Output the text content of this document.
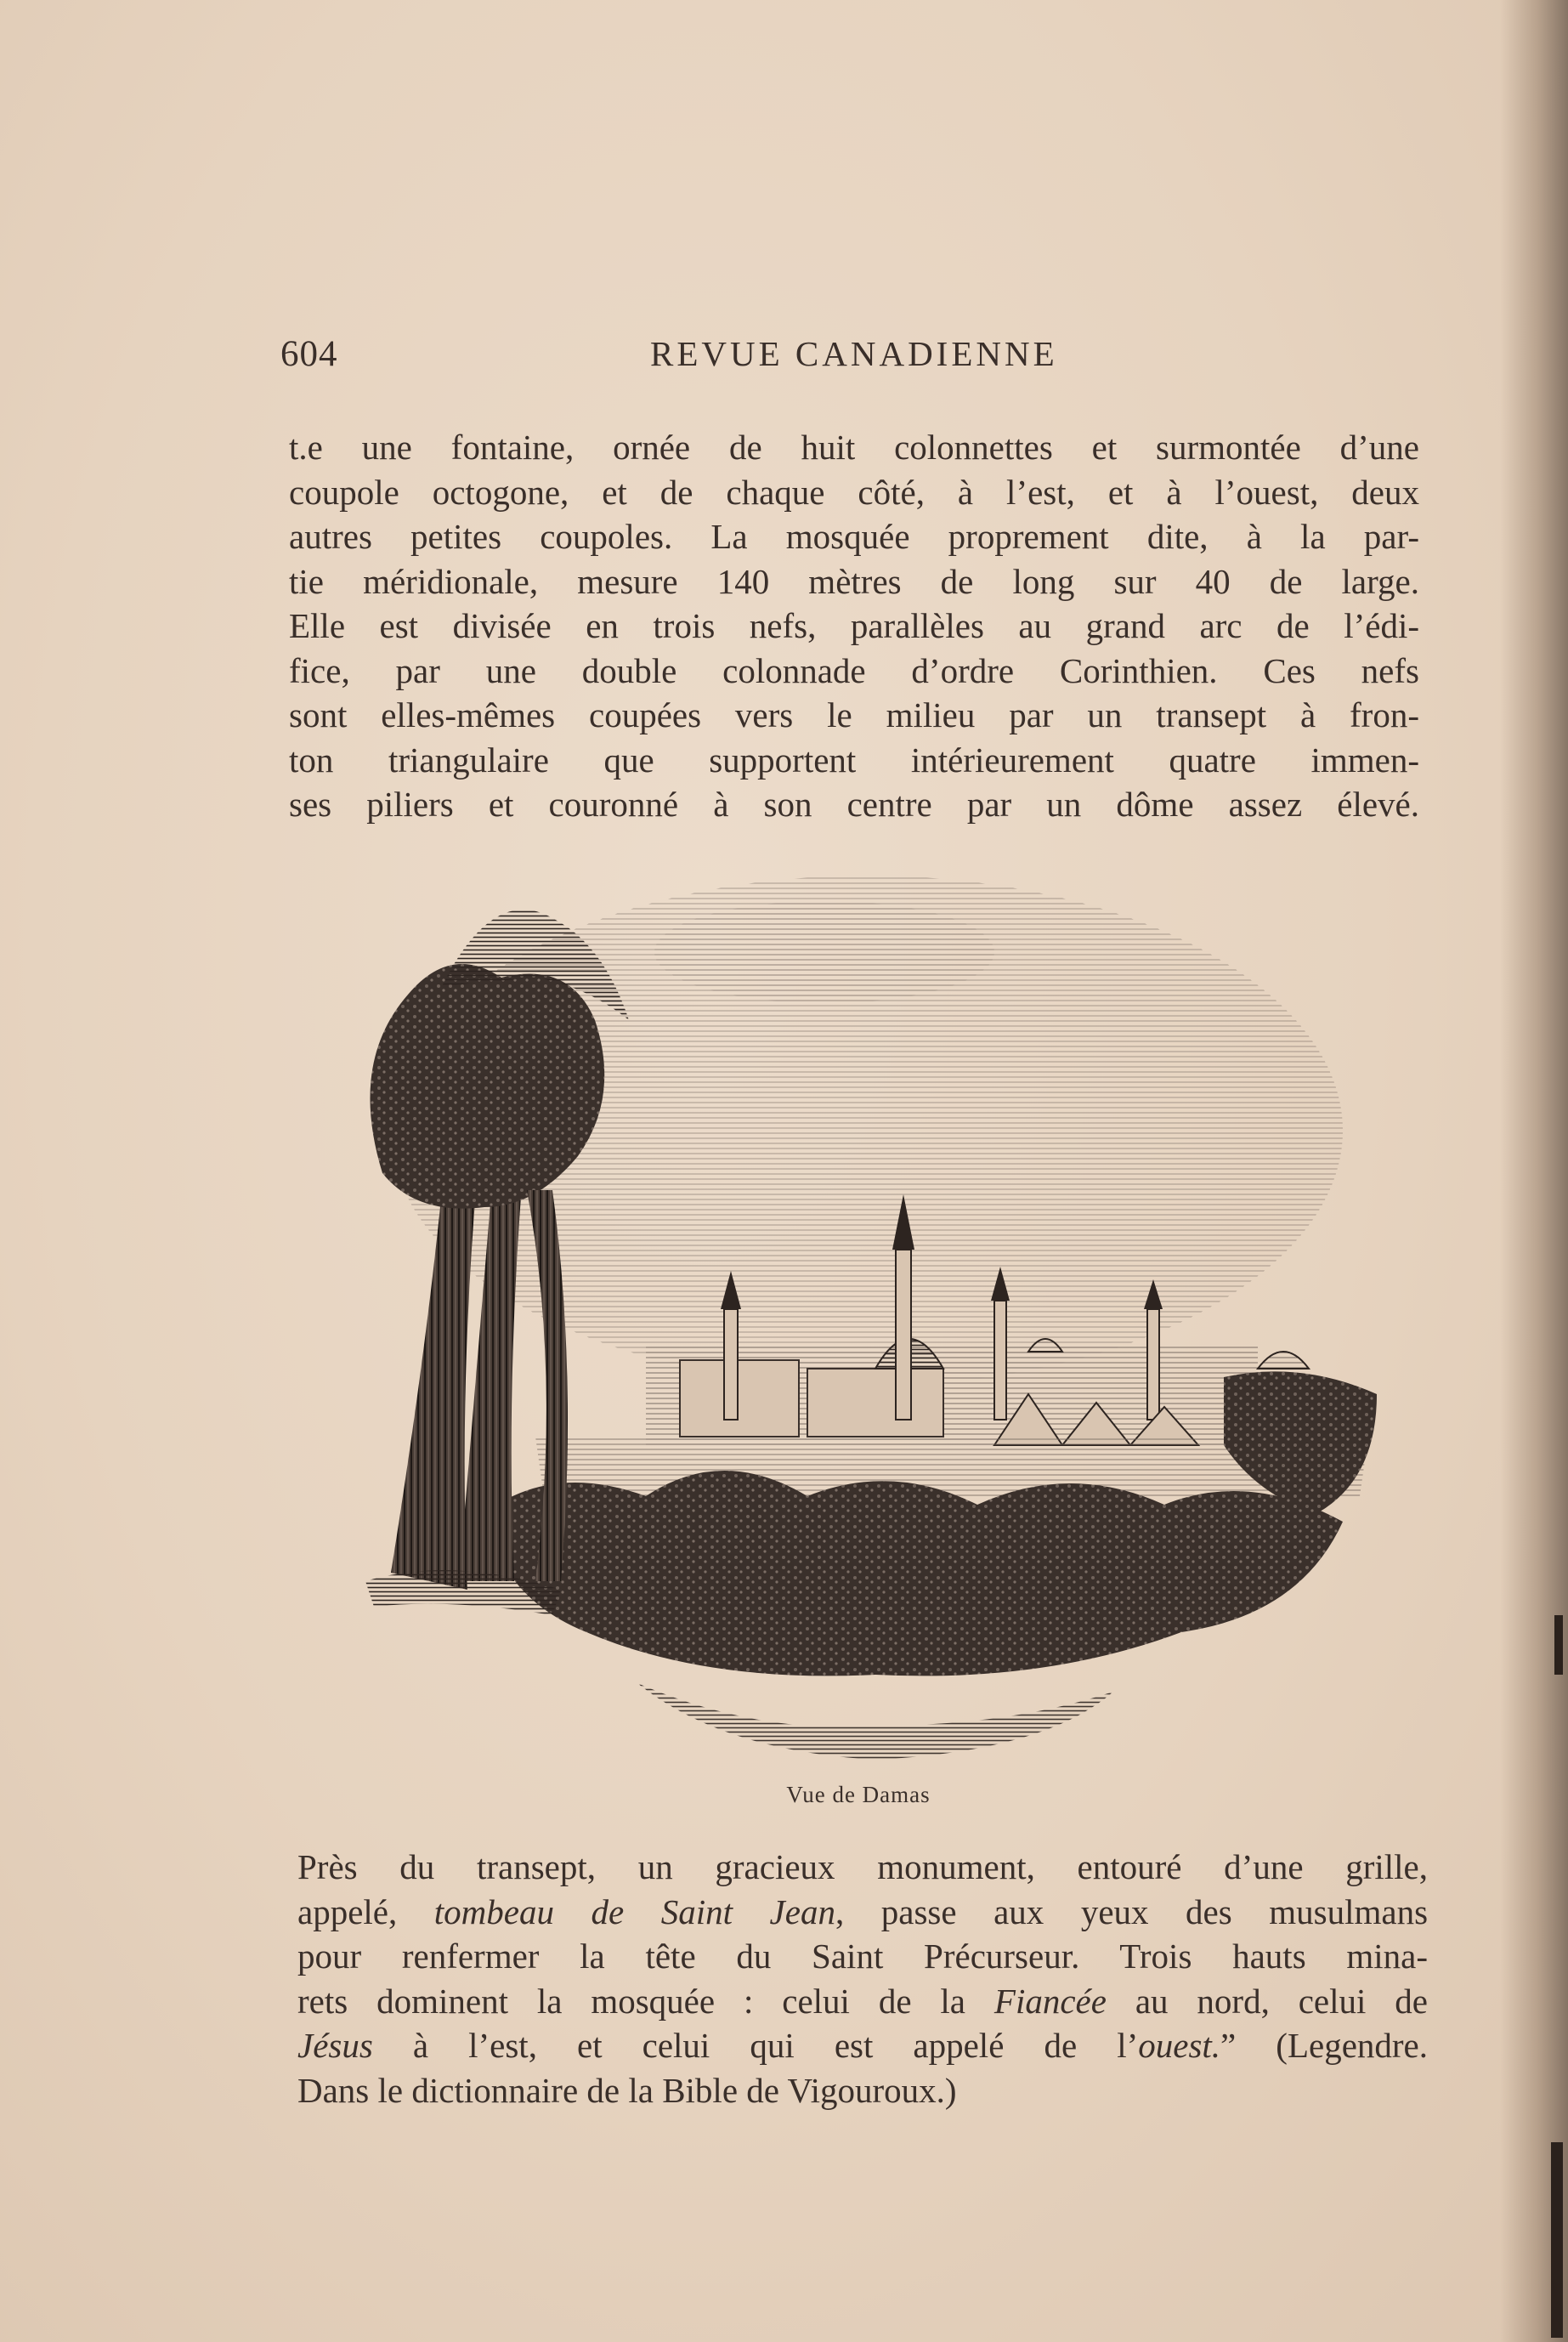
604	REVUE CANADIENNE
t.e une fontaine, ornée de huit colonnettes et surmontée d’une
coupole octogone, et de chaque côté, à l’est, et à l’ouest, deux
autres petites coupoles. La mosquée proprement dite, à la par-
tie méridionale, mesure 140 mètres de long sur 40 de large.
Elle est divisée en trois nefs, parallèles au grand arc de l’édi-
fice, par une double colonnade d’ordre Corinthien. Ces nefs
sont elles-mêmes coupées vers le milieu par un transept à fron-
ton triangulaire que supportent intérieurement quatre immen-
ses piliers et couronné à son centre par un dôme assez élevé.
Vue de Damas
Près du transept, un gracieux monument, entouré d’une grille,
appelé, tombeau de Saint Jean, passe aux yeux des musulmans
pour renfermer la tête du Saint Précurseur. Trois hauts mina-
rets dominent la mosquée : celui de la Fiancée au nord, celui de
Jésus à l’est, et celui qui est appelé de l’ouest.” (Legendre.
Dans le dictionnaire de la Bible de Vigouroux.)
